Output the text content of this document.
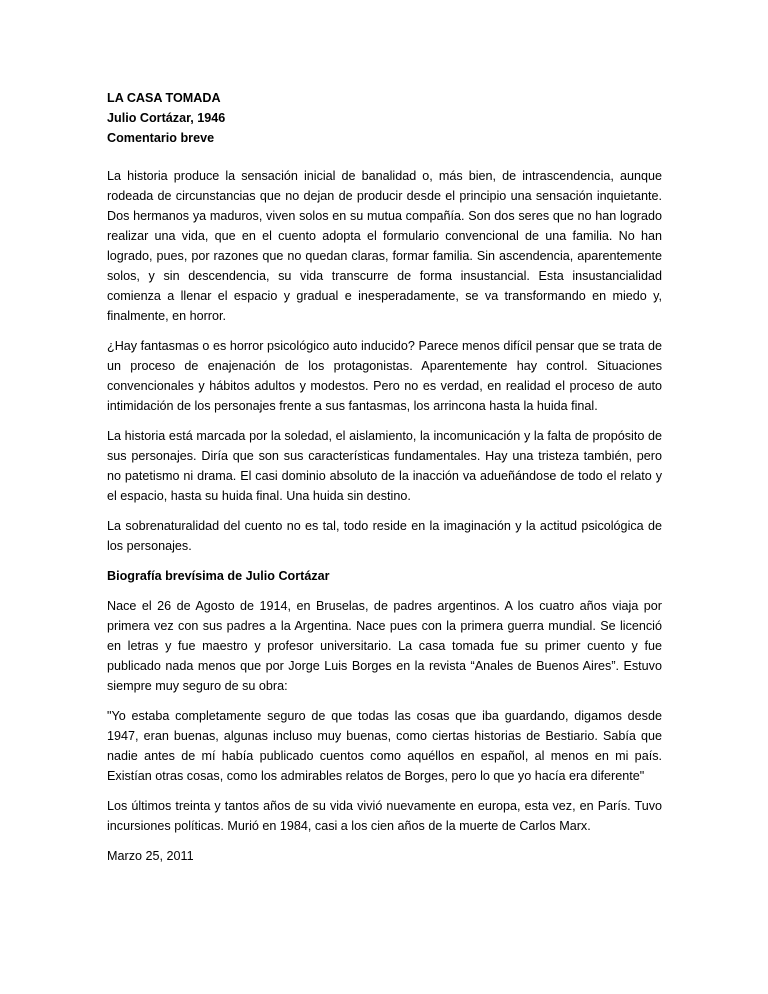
LA CASA TOMADA
Julio Cortázar, 1946
Comentario breve

La historia produce la sensación inicial de banalidad o, más bien, de intrascendencia, aunque rodeada de circunstancias que no dejan de producir desde el principio una sensación inquietante. Dos hermanos ya maduros, viven solos en su mutua compañía. Son dos seres que no han logrado realizar una vida, que en el cuento adopta el formulario convencional de una familia. No han logrado, pues, por razones que no quedan claras, formar familia. Sin ascendencia, aparentemente solos, y sin descendencia, su vida transcurre de forma insustancial. Esta insustancialidad comienza a llenar el espacio y gradual e inesperadamente, se va transformando en miedo y, finalmente, en horror.

¿Hay fantasmas o es horror psicológico auto inducido? Parece menos difícil pensar que se trata de un proceso de enajenación de los protagonistas. Aparentemente hay control. Situaciones convencionales y hábitos adultos y modestos. Pero no es verdad, en realidad el proceso de auto intimidación de los personajes frente a sus fantasmas, los arrincona hasta la huida final.

La historia está marcada por la soledad, el aislamiento, la incomunicación y la falta de propósito de sus personajes. Diría que son sus características fundamentales. Hay una tristeza también, pero no patetismo ni drama. El casi dominio absoluto de la inacción va adueñándose de todo el relato y el espacio, hasta su huida final. Una huida sin destino.

La sobrenaturalidad del cuento no es tal, todo reside en la imaginación y la actitud psicológica de los personajes.

Biografía brevísima de Julio Cortázar

Nace el 26 de Agosto de 1914, en Bruselas, de padres argentinos. A los cuatro años viaja por primera vez con sus padres a la Argentina. Nace pues con la primera guerra mundial. Se licenció en letras y fue maestro y profesor universitario. La casa tomada fue su primer cuento y fue publicado nada menos que por Jorge Luis Borges en la revista “Anales de Buenos Aires”. Estuvo siempre muy seguro de su obra:

"Yo estaba completamente seguro de que todas las cosas que iba guardando, digamos desde 1947, eran buenas, algunas incluso muy buenas, como ciertas historias de Bestiario. Sabía que nadie antes de mí había publicado cuentos como aquéllos en español, al menos en mi país. Existían otras cosas, como los admirables relatos de Borges, pero lo que yo hacía era diferente"

Los últimos treinta y tantos años de su vida vivió nuevamente en europa, esta vez, en París. Tuvo incursiones políticas. Murió en 1984, casi a los cien años de la muerte de Carlos Marx.

Marzo 25, 2011
